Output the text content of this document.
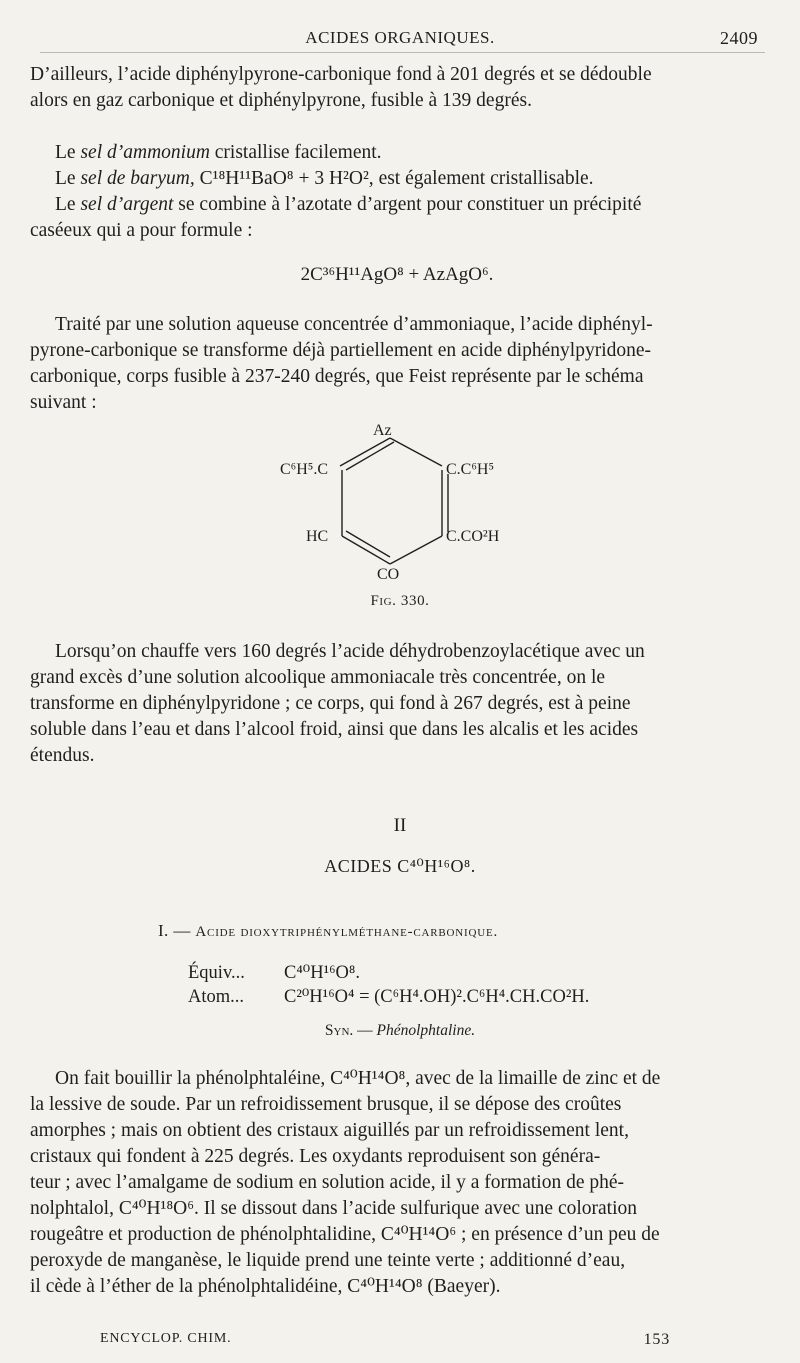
ACIDES ORGANIQUES.	2409

D’ailleurs, l’acide diphénylpyrone-carbonique fond à 201 degrés et se dédouble

alors en gaz carbonique et diphénylpyrone, fusible à 139 degrés.

Le sel d’ammonium cristallise facilement.

Le sel de baryum, C¹⁸H¹¹BaO⁸ + 3 H²O², est également cristallisable.

Le sel d’argent se combine à l’azotate d’argent pour constituer un précipité

caséeux qui a pour formule :

2C³⁶H¹¹AgO⁸ + AzAgO⁶.

Traité par une solution aqueuse concentrée d’ammoniaque, l’acide diphényl-

pyrone-carbonique se transforme déjà partiellement en acide diphénylpyridone-

carbonique, corps fusible à 237-240 degrés, que Feist représente par le schéma

suivant :

Az
C⁶H⁵.C	C.C⁶H⁵
HC	C.CO²H
CO
Fig. 330.

Lorsqu’on chauffe vers 160 degrés l’acide déhydrobenzoylacétique avec un

grand excès d’une solution alcoolique ammoniacale très concentrée, on le

transforme en diphénylpyridone ; ce corps, qui fond à 267 degrés, est à peine

soluble dans l’eau et dans l’alcool froid, ainsi que dans les alcalis et les acides

étendus.

II
ACIDES C⁴⁰H¹⁶O⁸.
I. — Acide dioxytriphénylméthane-carbonique.
Équiv... C⁴⁰H¹⁶O⁸.
Atom... C²⁰H¹⁶O⁴ = (C⁶H⁴.OH)².C⁶H⁴.CH.CO²H.
Syn. — Phénolphtaline.

On fait bouillir la phénolphtaléine, C⁴⁰H¹⁴O⁸, avec de la limaille de zinc et de

la lessive de soude. Par un refroidissement brusque, il se dépose des croûtes

amorphes ; mais on obtient des cristaux aiguillés par un refroidissement lent,

cristaux qui fondent à 225 degrés. Les oxydants reproduisent son généra-

teur ; avec l’amalgame de sodium en solution acide, il y a formation de phé-

nolphtalol, C⁴⁰H¹⁸O⁶. Il se dissout dans l’acide sulfurique avec une coloration

rougeâtre et production de phénolphtalidine, C⁴⁰H¹⁴O⁶ ; en présence d’un peu de

peroxyde de manganèse, le liquide prend une teinte verte ; additionné d’eau,

il cède à l’éther de la phénolphtalidéine, C⁴⁰H¹⁴O⁸ (Baeyer).

ENCYCLOP. CHIM.	153
